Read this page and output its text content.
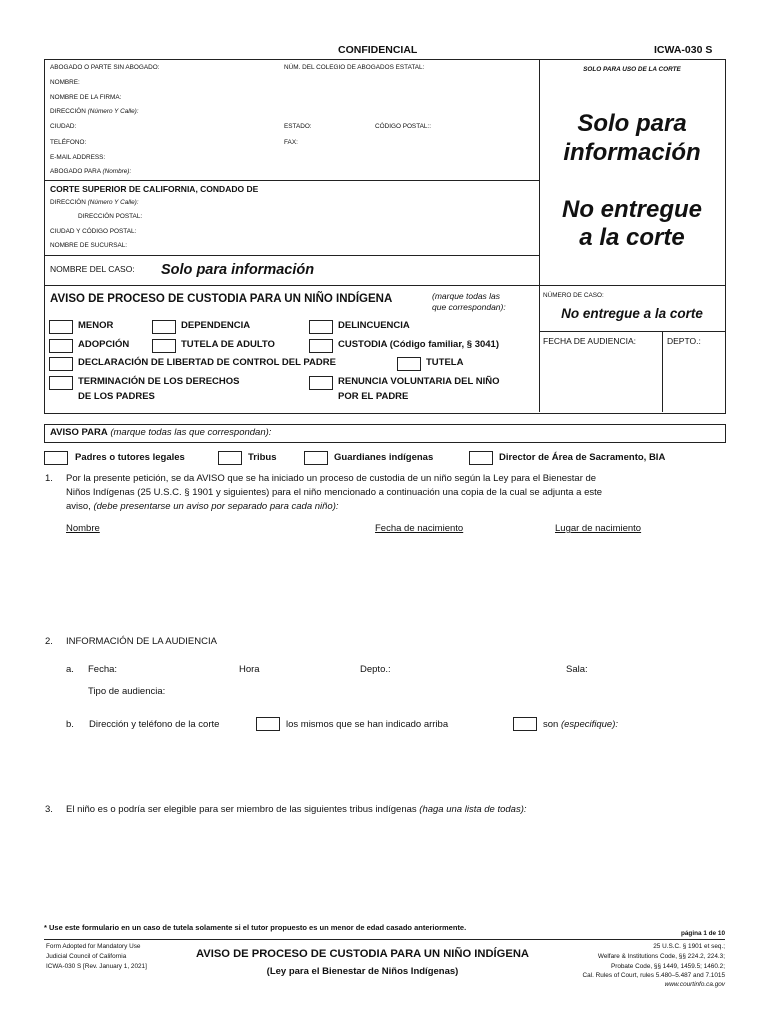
CONFIDENCIAL	ICWA-030 S
ABOGADO O PARTE SIN ABOGADO:	NÚM. DEL COLEGIO DE ABOGADOS ESTATAL:
NOMBRE:
NOMBRE DE LA FIRMA:
DIRECCIÓN (Número Y Calle):
CIUDAD:	ESTADO:	CÓDIGO POSTAL::
TELÉFONO:	FAX:
E-MAIL ADDRESS:
ABOGADO PARA (Nombre):
SOLO PARA USO DE LA CORTE
Solo para
información
No entregue
a la corte
CORTE SUPERIOR DE CALIFORNIA, CONDADO DE
DIRECCIÓN (Número Y Calle):
DIRECCIÓN POSTAL:
CIUDAD Y CÓDIGO POSTAL:
NOMBRE DE SUCURSAL:
NOMBRE DEL CASO: Solo para información
AVISO DE PROCESO DE CUSTODIA PARA UN NIÑO INDÍGENA	(marque todas las
que correspondan):
MENOR	DEPENDENCIA	DELINCUENCIA
ADOPCIÓN	TUTELA DE ADULTO	CUSTODIA (Código familiar, § 3041)
DECLARACIÓN DE LIBERTAD DE CONTROL DEL PADRE	TUTELA
TERMINACIÓN DE LOS DERECHOS
DE LOS PADRES
RENUNCIA VOLUNTARIA DEL NIÑO
POR EL PADRE
NÚMERO DE CASO:
No entregue a la corte
FECHA DE AUDIENCIA:	DEPTO.:
AVISO PARA (marque todas las que correspondan):
Padres o tutores legales	Tribus	Guardianes indígenas	Director de Área de Sacramento, BIA
1. Por la presente petición, se da AVISO que se ha iniciado un proceso de custodia de un niño según la Ley para el Bienestar de
Niños Indígenas (25 U.S.C. § 1901 y siguientes) para el niño mencionado a continuación una copia de la cual se adjunta a este
aviso, (debe presentarse un aviso por separado para cada niño):
Nombre	Fecha de nacimiento	Lugar de nacimiento
2. INFORMACIÓN DE LA AUDIENCIA
a. Fecha:	Hora	Depto.:	Sala:
Tipo de audiencia:
b. Dirección y teléfono de la corte	los mismos que se han indicado arriba	son (especifique):
3. El niño es o podría ser elegible para ser miembro de las siguientes tribus indígenas (haga una lista de todas):
* Use este formulario en un caso de tutela solamente si el tutor propuesto es un menor de edad casado anteriormente.
página 1 de 10
Form Adopted for Mandatory Use
Judicial Council of California
ICWA-030 S [Rev. January 1, 2021]
AVISO DE PROCESO DE CUSTODIA PARA UN NIÑO INDÍGENA
(Ley para el Bienestar de Niños Indígenas)
25 U.S.C. § 1901 et seq.;
Welfare & Institutions Code, §§ 224.2, 224.3;
Probate Code, §§ 1449, 1459.5; 1460.2;
Cal. Rules of Court, rules 5.480–5.487 and 7.1015
www.courtinfo.ca.gov
